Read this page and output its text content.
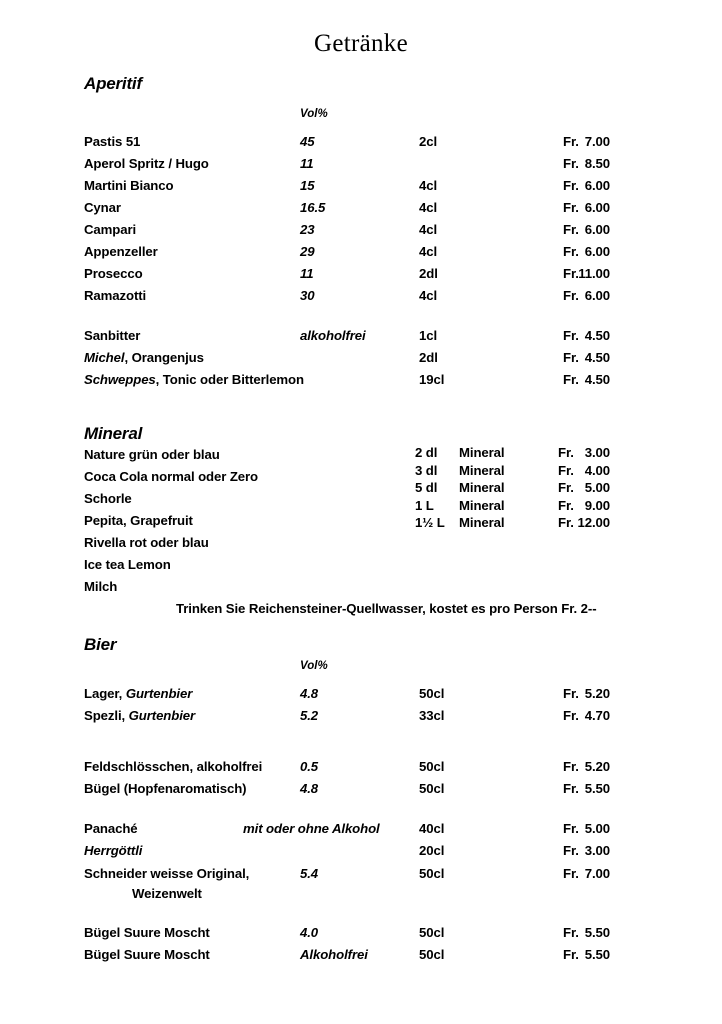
Getränke
Aperitif
Vol%
Pastis 51	45	2cl	Fr. 7.00
Aperol Spritz / Hugo	11	Fr. 8.50
Martini Bianco	15	4cl	Fr. 6.00
Cynar	16.5	4cl	Fr. 6.00
Campari	23	4cl	Fr. 6.00
Appenzeller	29	4cl	Fr. 6.00
Prosecco	11	2dl	Fr. 11.00
Ramazotti	30	4cl	Fr. 6.00
Sanbitter	alkoholfrei	1cl	Fr. 4.50
Michel, Orangenjus	2dl	Fr. 4.50
Schweppes, Tonic oder Bitterlemon	19cl	Fr. 4.50
Mineral
Nature grün oder blau
Coca Cola normal oder Zero
Schorle
Pepita, Grapefruit
Rivella rot oder blau
Ice tea Lemon
Milch
2 dl Mineral	Fr. 3.00
3 dl Mineral	Fr. 4.00
5 dl Mineral	Fr. 5.00
1 L Mineral	Fr. 9.00
1½ L Mineral	Fr. 12.00
Trinken Sie Reichensteiner-Quellwasser, kostet es pro Person Fr. 2--
Bier
Vol%
Lager, Gurtenbier	4.8	50cl	Fr. 5.20
Spezli, Gurtenbier	5.2	33cl	Fr. 4.70
Feldschlösschen, alkoholfrei	0.5	50cl	Fr. 5.20
Bügel (Hopfenaromatisch)	4.8	50cl	Fr. 5.50
Panaché	mit oder ohne Alkohol	40cl	Fr. 5.00
Herrgöttli	20cl	Fr. 3.00
Schneider weisse Original,	5.4	50cl	Fr. 7.00
Weizenwelt
Bügel Suure Moscht	4.0	50cl	Fr. 5.50
Bügel Suure Moscht	Alkoholfrei	50cl	Fr. 5.50
